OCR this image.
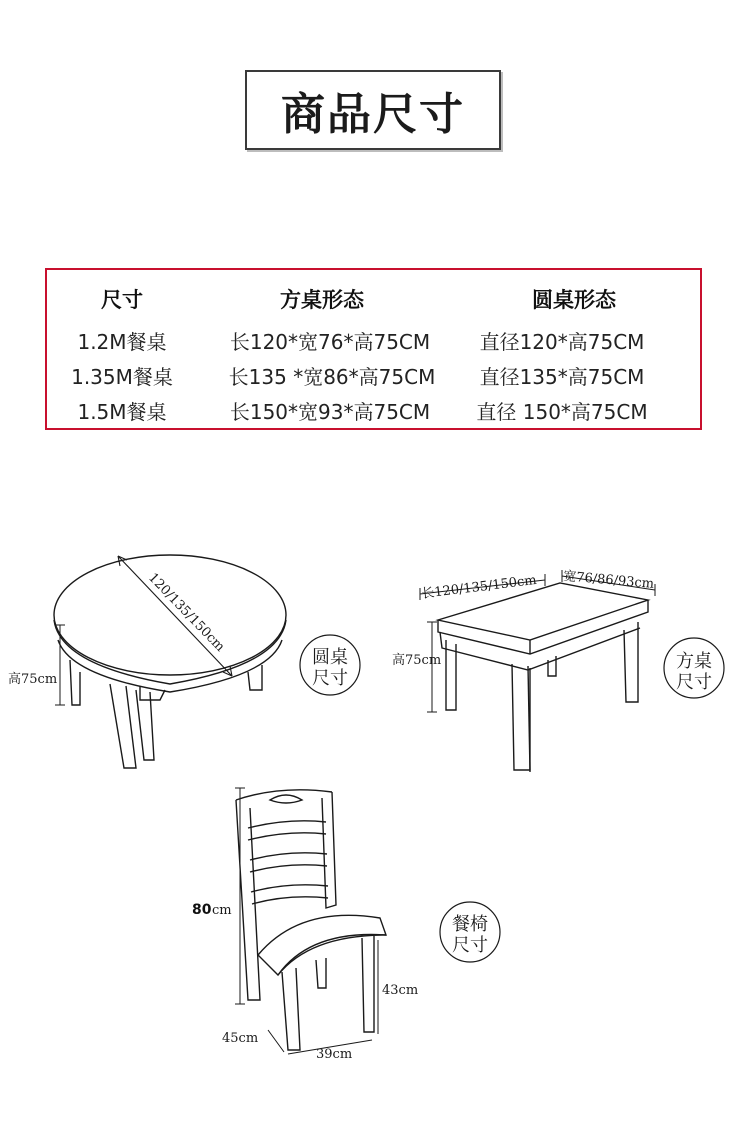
商品尺寸
尺寸	方桌形态	圆桌形态
1.2M餐桌	长120*宽76*高75CM 直径120*高75CM
1.35M餐桌	长135 *宽86*高75CM 直径135*高75CM
1.5M餐桌	长150*宽93*高75CM 直径 150*高75CM
120/135/150cm
高75cm
圆桌
尺寸
长120/135/150cm 宽76/86/93cm
高75cm	方桌
尺寸
80 cm
43cm
45cm
39cm
餐椅
尺寸
